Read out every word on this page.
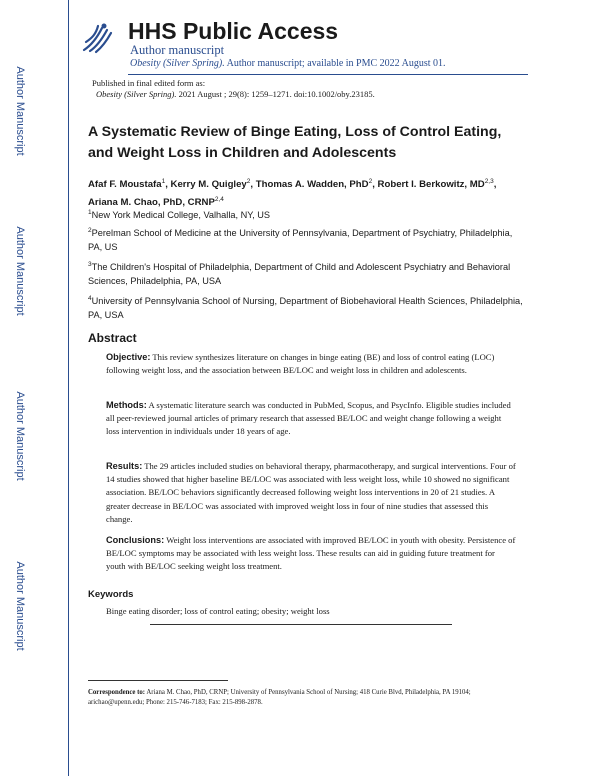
Author Manuscript
Author Manuscript
Author Manuscript
Author Manuscript
HHS Public Access
Author manuscript
Obesity (Silver Spring). Author manuscript; available in PMC 2022 August 01.
Published in final edited form as:
Obesity (Silver Spring). 2021 August ; 29(8): 1259–1271. doi:10.1002/oby.23185.
A Systematic Review of Binge Eating, Loss of Control Eating, and Weight Loss in Children and Adolescents
Afaf F. Moustafa$^1$, Kerry M. Quigley$^2$, Thomas A. Wadden, PhD$^2$, Robert I. Berkowitz, MD$^{2,3}$, Ariana M. Chao, PhD, CRNP$^{2,4}$
$^1$New York Medical College, Valhalla, NY, US
$^2$Perelman School of Medicine at the University of Pennsylvania, Department of Psychiatry, Philadelphia, PA, US
$^3$The Children's Hospital of Philadelphia, Department of Child and Adolescent Psychiatry and Behavioral Sciences, Philadelphia, PA, USA
$^4$University of Pennsylvania School of Nursing, Department of Biobehavioral Health Sciences, Philadelphia, PA, USA
Abstract
Objective: This review synthesizes literature on changes in binge eating (BE) and loss of control eating (LOC) following weight loss, and the association between BE/LOC and weight loss in children and adolescents.
Methods: A systematic literature search was conducted in PubMed, Scopus, and PsycInfo. Eligible studies included all peer-reviewed journal articles of primary research that assessed BE/LOC and weight change following a weight loss intervention in individuals under 18 years of age.
Results: The 29 articles included studies on behavioral therapy, pharmacotherapy, and surgical interventions. Four of 14 studies showed that higher baseline BE/LOC was associated with less weight loss, while 10 showed no significant association. BE/LOC behaviors significantly decreased following weight loss interventions in 20 of 21 studies. A greater decrease in BE/LOC was associated with improved weight loss in four of nine studies that assessed this change.
Conclusions: Weight loss interventions are associated with improved BE/LOC in youth with obesity. Persistence of BE/LOC symptoms may be associated with less weight loss. These results can aid in guiding future treatment for youth with BE/LOC seeking weight loss treatment.
Keywords
Binge eating disorder; loss of control eating; obesity; weight loss
Correspondence to: Ariana M. Chao, PhD, CRNP; University of Pennsylvania School of Nursing; 418 Curie Blvd, Philadelphia, PA 19104; arichao@upenn.edu; Phone: 215-746-7183; Fax: 215-898-2878.
